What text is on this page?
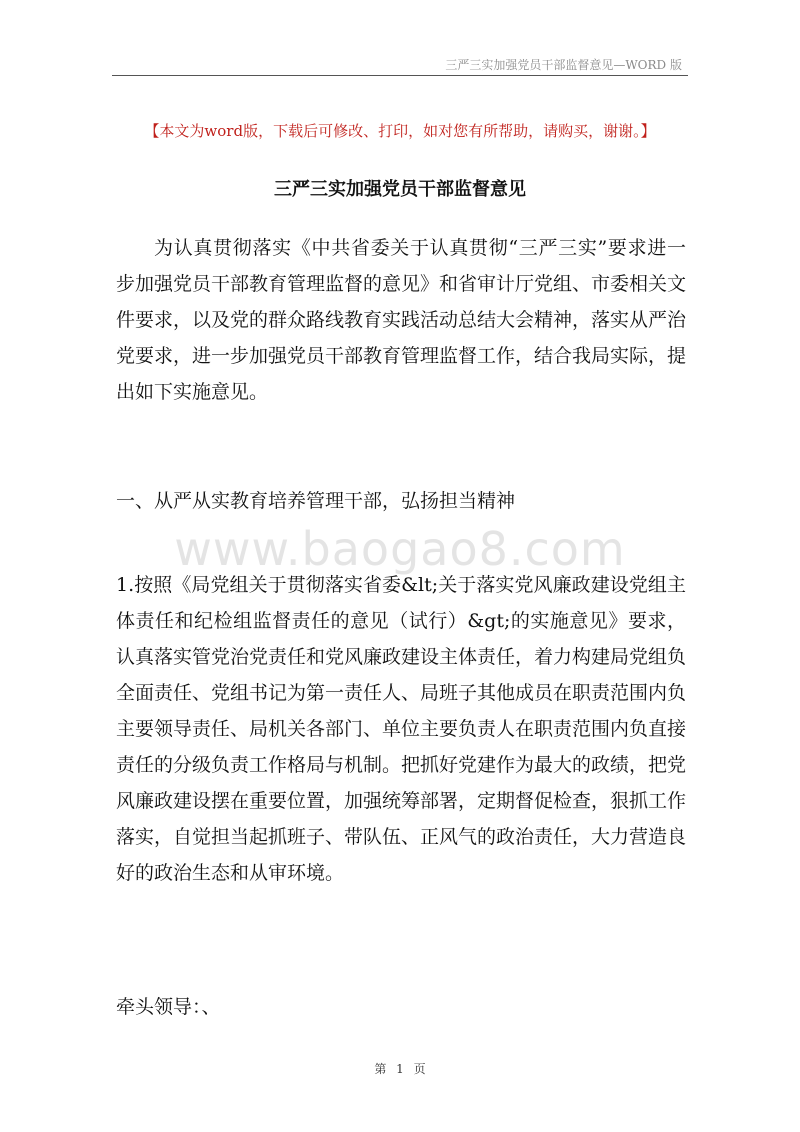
三严三实加强党员干部监督意见—WORD 版
【本文为word版，下载后可修改、打印，如对您有所帮助，请购买，谢谢。】
三严三实加强党员干部监督意见

为认真贯彻落实《中共省委关于认真贯彻“三严三实”要求进一步加强党员干部教育管理监督的意见》和省审计厅党组、市委相关文件要求，以及党的群众路线教育实践活动总结大会精神，落实从严治党要求，进一步加强党员干部教育管理监督工作，结合我局实际，提出如下实施意见。

一、从严从实教育培养管理干部，弘扬担当精神
www.baogao8.com

1.按照《局党组关于贯彻落实省委&lt;关于落实党风廉政建设党组主体责任和纪检组监督责任的意见（试行）&gt;的实施意见》要求，认真落实管党治党责任和党风廉政建设主体责任，着力构建局党组负全面责任、党组书记为第一责任人、局班子其他成员在职责范围内负主要领导责任、局机关各部门、单位主要负责人在职责范围内负直接责任的分级负责工作格局与机制。把抓好党建作为最大的政绩，把党风廉政建设摆在重要位置，加强统筹部署，定期督促检查，狠抓工作落实，自觉担当起抓班子、带队伍、正风气的政治责任，大力营造良好的政治生态和从审环境。

牵头领导：、
第 1 页
